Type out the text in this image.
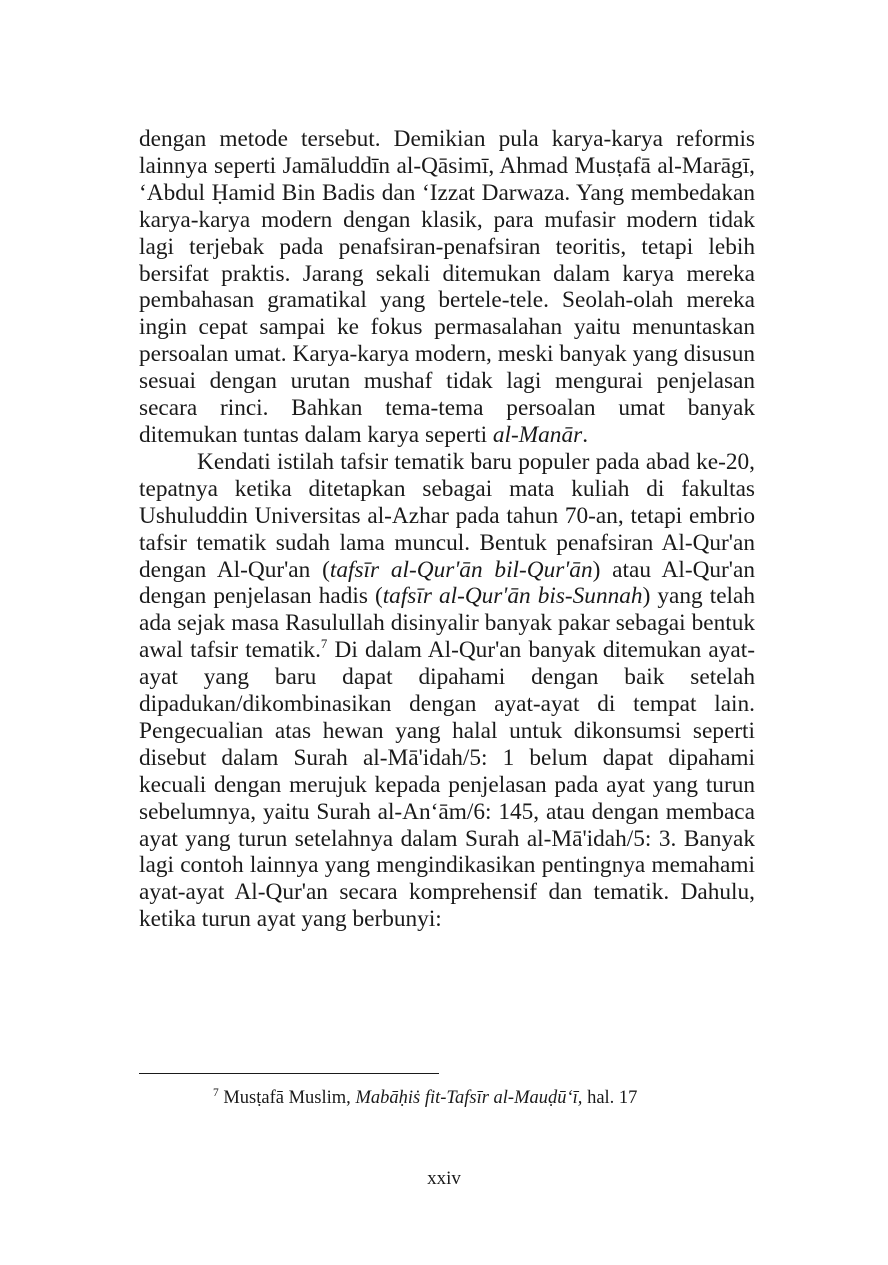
dengan metode tersebut. Demikian pula karya-karya reformis lainnya seperti Jamāluddīn al-Qāsimī, Ahmad Musṭafā al-Marāgī, ‘Abdul Ḥamid Bin Badis dan ‘Izzat Darwaza. Yang membedakan karya-karya modern dengan klasik, para mufasir modern tidak lagi terjebak pada penafsiran-penafsiran teoritis, tetapi lebih bersifat praktis. Jarang sekali ditemukan dalam karya mereka pembahasan gramatikal yang bertele-tele. Seolah-olah mereka ingin cepat sampai ke fokus permasalahan yaitu menuntaskan persoalan umat. Karya-karya modern, meski banyak yang disusun sesuai dengan urutan mushaf tidak lagi mengurai penjelasan secara rinci. Bahkan tema-tema persoalan umat banyak ditemukan tuntas dalam karya seperti al-Manār.

Kendati istilah tafsir tematik baru populer pada abad ke-20, tepatnya ketika ditetapkan sebagai mata kuliah di fakultas Ushuluddin Universitas al-Azhar pada tahun 70-an, tetapi embrio tafsir tematik sudah lama muncul. Bentuk penafsiran Al-Qur'an dengan Al-Qur'an (tafsīr al-Qur'ān bil-Qur'ān) atau Al-Qur'an dengan penjelasan hadis (tafsīr al-Qur'ān bis-Sunnah) yang telah ada sejak masa Rasulullah disinyalir banyak pakar sebagai bentuk awal tafsir tematik.$^7$ Di dalam Al-Qur'an banyak ditemukan ayat-ayat yang baru dapat dipahami dengan baik setelah dipadukan/dikombinasikan dengan ayat-ayat di tempat lain. Pengecualian atas hewan yang halal untuk dikonsumsi seperti disebut dalam Surah al-Mā'idah/5: 1 belum dapat dipahami kecuali dengan merujuk kepada penjelasan pada ayat yang turun sebelumnya, yaitu Surah al-An‘ām/6: 145, atau dengan membaca ayat yang turun setelahnya dalam Surah al-Mā'idah/5: 3. Banyak lagi contoh lainnya yang mengindikasikan pentingnya memahami ayat-ayat Al-Qur'an secara komprehensif dan tematik. Dahulu, ketika turun ayat yang berbunyi:

$^7$ Musṭafā Muslim, Mabāḥiṡ fit-Tafsīr al-Mauḍū‘ī, hal. 17
xxiv
